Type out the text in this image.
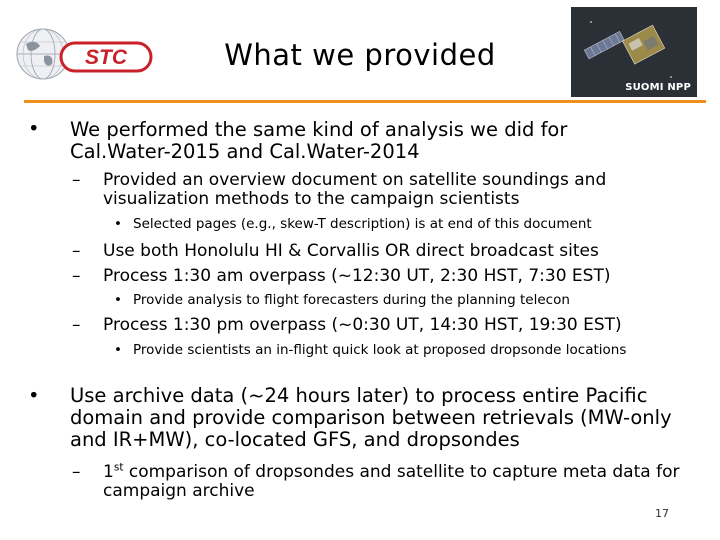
STC	What we provided
SUOMI NPP
• We performed the same kind of analysis we did for Cal.Water-2015 and Cal.Water-2014
– Provided an overview document on satellite soundings and visualization methods to the campaign scientists
• Selected pages (e.g., skew-T description) is at end of this document
– Use both Honolulu HI & Corvallis OR direct broadcast sites
– Process 1:30 am overpass (~12:30 UT, 2:30 HST, 7:30 EST)
• Provide analysis to flight forecasters during the planning telecon
– Process 1:30 pm overpass (~0:30 UT, 14:30 HST, 19:30 EST)
• Provide scientists an in-flight quick look at proposed dropsonde locations
• Use archive data (~24 hours later) to process entire Pacific domain and provide comparison between retrievals (MW-only and IR+MW), co-located GFS, and dropsondes
– 1st comparison of dropsondes and satellite to capture meta data for campaign archive
17
